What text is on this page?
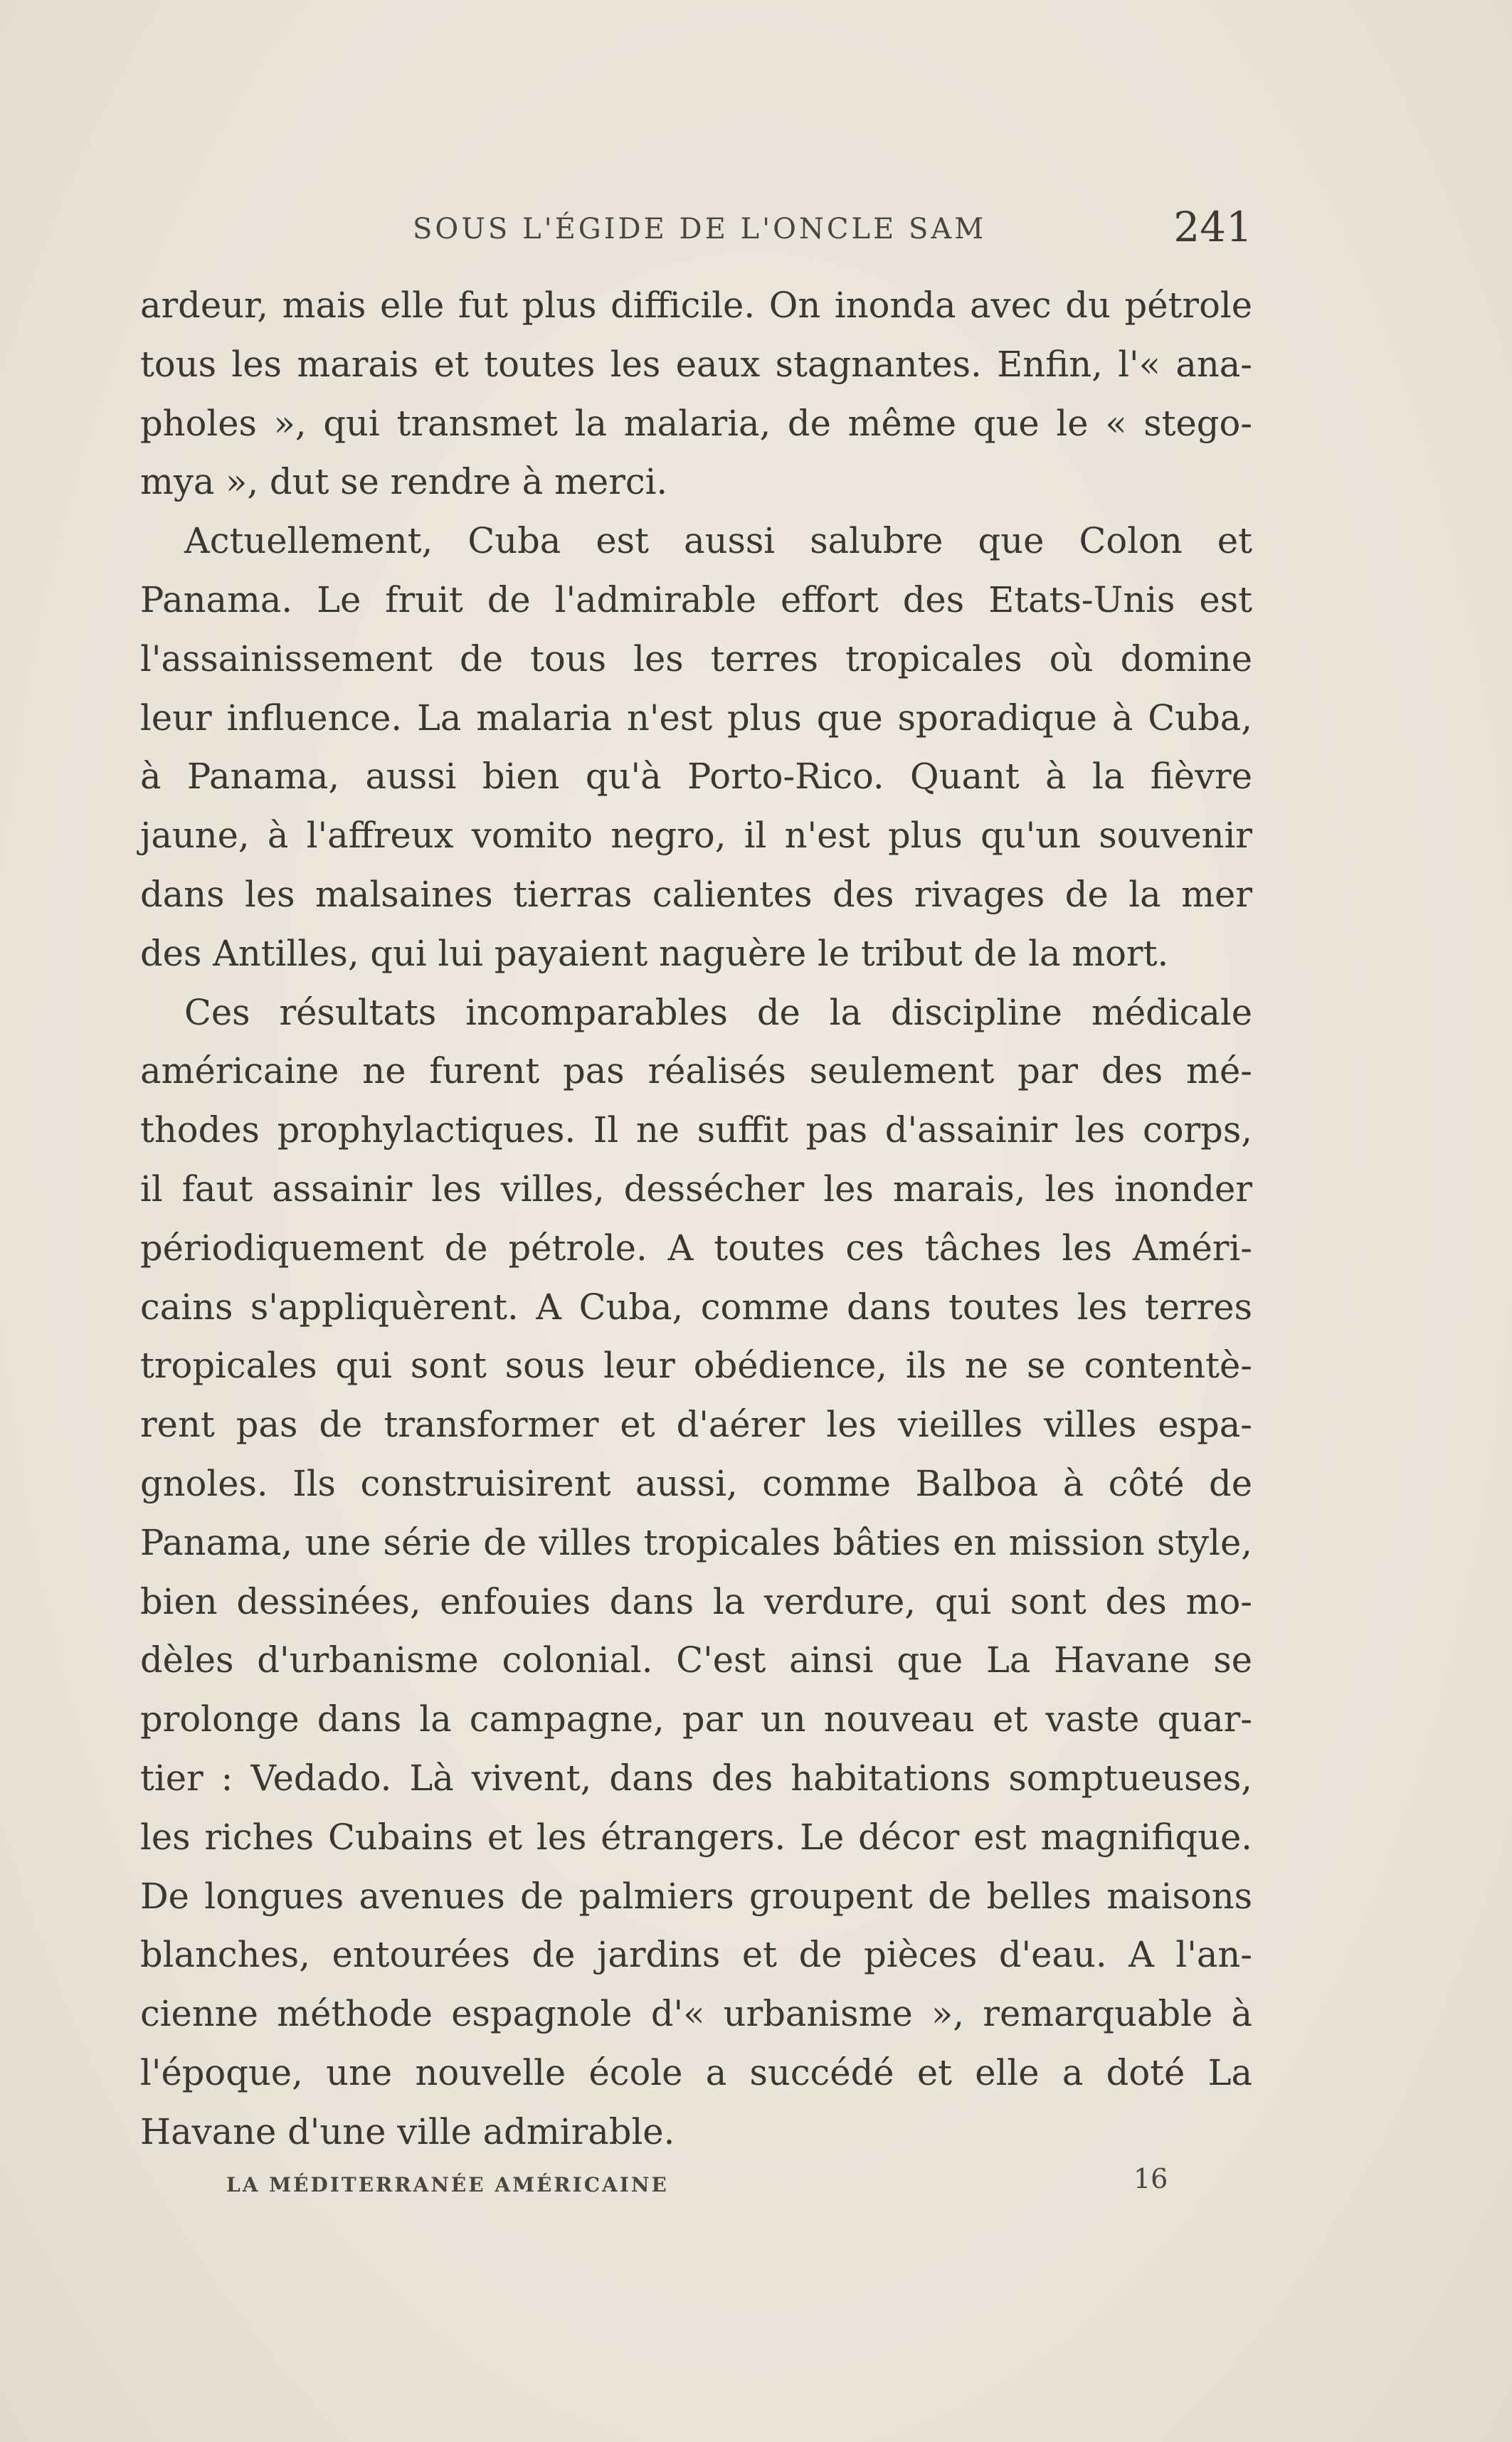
SOUS L'ÉGIDE DE L'ONCLE SAM	241
ardeur, mais elle fut plus difficile. On inonda avec du pétrole
tous les marais et toutes les eaux stagnantes. Enfin, l'« ana-
pholes », qui transmet la malaria, de même que le « stego-
mya », dut se rendre à merci.
Actuellement, Cuba est aussi salubre que Colon et
Panama. Le fruit de l'admirable effort des Etats-Unis est
l'assainissement de tous les terres tropicales où domine
leur influence. La malaria n'est plus que sporadique à Cuba,
à Panama, aussi bien qu'à Porto-Rico. Quant à la fièvre
jaune, à l'affreux vomito negro, il n'est plus qu'un souvenir
dans les malsaines tierras calientes des rivages de la mer
des Antilles, qui lui payaient naguère le tribut de la mort.
Ces résultats incomparables de la discipline médicale
américaine ne furent pas réalisés seulement par des mé-
thodes prophylactiques. Il ne suffit pas d'assainir les corps,
il faut assainir les villes, dessécher les marais, les inonder
périodiquement de pétrole. A toutes ces tâches les Améri-
cains s'appliquèrent. A Cuba, comme dans toutes les terres
tropicales qui sont sous leur obédience, ils ne se contentè-
rent pas de transformer et d'aérer les vieilles villes espa-
gnoles. Ils construisirent aussi, comme Balboa à côté de
Panama, une série de villes tropicales bâties en mission style,
bien dessinées, enfouies dans la verdure, qui sont des mo-
dèles d'urbanisme colonial. C'est ainsi que La Havane se
prolonge dans la campagne, par un nouveau et vaste quar-
tier : Vedado. Là vivent, dans des habitations somptueuses,
les riches Cubains et les étrangers. Le décor est magnifique.
De longues avenues de palmiers groupent de belles maisons
blanches, entourées de jardins et de pièces d'eau. A l'an-
cienne méthode espagnole d'« urbanisme », remarquable à
l'époque, une nouvelle école a succédé et elle a doté La
Havane d'une ville admirable.
LA MÉDITERRANÉE AMÉRICAINE	16
